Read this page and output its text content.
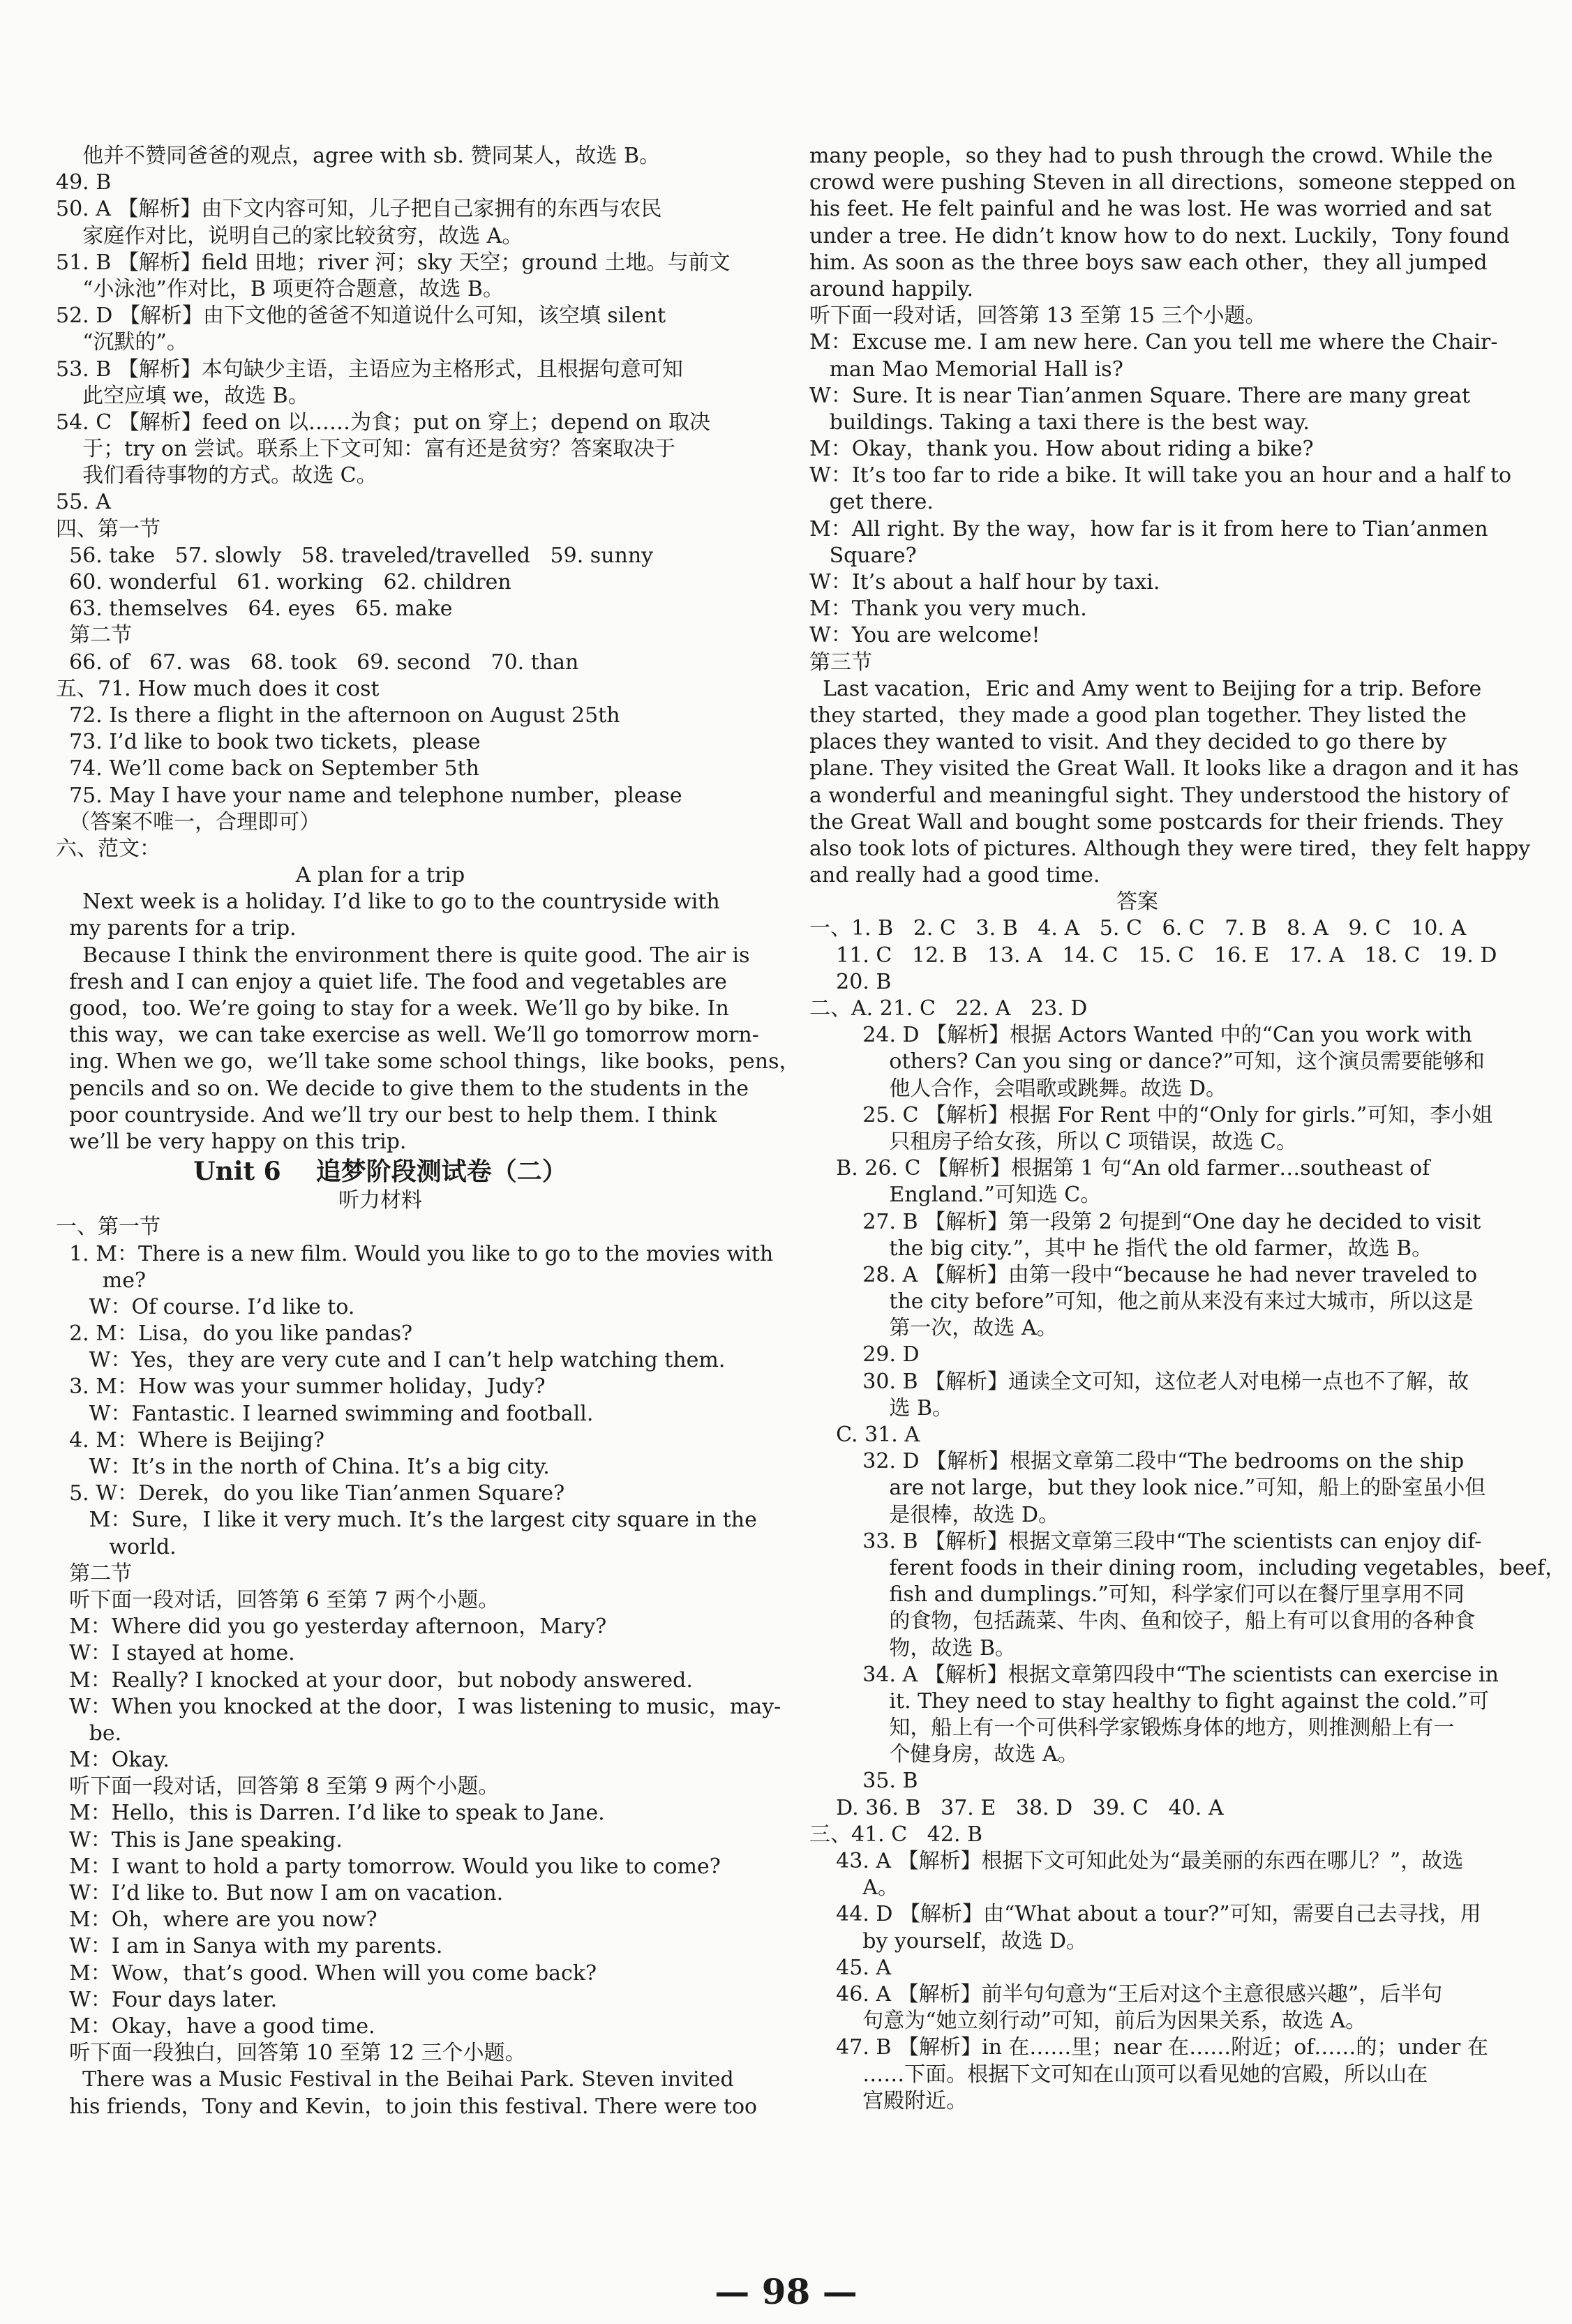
他并不赞同爸爸的观点，agree with sb. 赞同某人，故选 B。
49. B
50. A 【解析】由下文内容可知，儿子把自己家拥有的东西与农民
家庭作对比，说明自己的家比较贫穷，故选 A。
51. B 【解析】field 田地；river 河；sky 天空；ground 土地。与前文
“小泳池”作对比，B 项更符合题意，故选 B。
52. D 【解析】由下文他的爸爸不知道说什么可知，该空填 silent
“沉默的”。
53. B 【解析】本句缺少主语，主语应为主格形式，且根据句意可知
此空应填 we，故选 B。
54. C 【解析】feed on 以……为食；put on 穿上；depend on 取决
于；try on 尝试。联系上下文可知：富有还是贫穷？答案取决于
我们看待事物的方式。故选 C。
55. A
四、第一节
56. take   57. slowly   58. traveled/travelled   59. sunny
60. wonderful   61. working   62. children
63. themselves   64. eyes   65. make
第二节
66. of   67. was   68. took   69. second   70. than
五、71. How much does it cost
72. Is there a flight in the afternoon on August 25th
73. I’d like to book two tickets，please
74. We’ll come back on September 5th
75. May I have your name and telephone number，please
（答案不唯一，合理即可）
六、范文：
A plan for a trip
Next week is a holiday. I’d like to go to the countryside with
my parents for a trip.
Because I think the environment there is quite good. The air is
fresh and I can enjoy a quiet life. The food and vegetables are
good，too. We’re going to stay for a week. We’ll go by bike. In
this way，we can take exercise as well. We’ll go tomorrow morn-
ing. When we go，we’ll take some school things，like books，pens，
pencils and so on. We decide to give them to the students in the
poor countryside. And we’ll try our best to help them. I think
we’ll be very happy on this trip.
Unit 6    追梦阶段测试卷（二）
听力材料
一、第一节
1. M：There is a new film. Would you like to go to the movies with
me?
W：Of course. I’d like to.
2. M：Lisa，do you like pandas?
W：Yes，they are very cute and I can’t help watching them.
3. M：How was your summer holiday，Judy?
W：Fantastic. I learned swimming and football.
4. M：Where is Beijing?
W：It’s in the north of China. It’s a big city.
5. W：Derek，do you like Tian’anmen Square?
M：Sure，I like it very much. It’s the largest city square in the
world.
第二节
听下面一段对话，回答第 6 至第 7 两个小题。
M：Where did you go yesterday afternoon，Mary?
W：I stayed at home.
M：Really? I knocked at your door，but nobody answered.
W：When you knocked at the door，I was listening to music，may-
be.
M：Okay.
听下面一段对话，回答第 8 至第 9 两个小题。
M：Hello，this is Darren. I’d like to speak to Jane.
W：This is Jane speaking.
M：I want to hold a party tomorrow. Would you like to come?
W：I’d like to. But now I am on vacation.
M：Oh，where are you now?
W：I am in Sanya with my parents.
M：Wow，that’s good. When will you come back?
W：Four days later.
M：Okay，have a good time.
听下面一段独白，回答第 10 至第 12 三个小题。
There was a Music Festival in the Beihai Park. Steven invited
his friends，Tony and Kevin，to join this festival. There were too
many people，so they had to push through the crowd. While the
crowd were pushing Steven in all directions，someone stepped on
his feet. He felt painful and he was lost. He was worried and sat
under a tree. He didn’t know how to do next. Luckily，Tony found
him. As soon as the three boys saw each other，they all jumped
around happily.
听下面一段对话，回答第 13 至第 15 三个小题。
M：Excuse me. I am new here. Can you tell me where the Chair-
man Mao Memorial Hall is?
W：Sure. It is near Tian’anmen Square. There are many great
buildings. Taking a taxi there is the best way.
M：Okay，thank you. How about riding a bike?
W：It’s too far to ride a bike. It will take you an hour and a half to
get there.
M：All right. By the way，how far is it from here to Tian’anmen
Square?
W：It’s about a half hour by taxi.
M：Thank you very much.
W：You are welcome!
第三节
Last vacation，Eric and Amy went to Beijing for a trip. Before
they started，they made a good plan together. They listed the
places they wanted to visit. And they decided to go there by
plane. They visited the Great Wall. It looks like a dragon and it has
a wonderful and meaningful sight. They understood the history of
the Great Wall and bought some postcards for their friends. They
also took lots of pictures. Although they were tired，they felt happy
and really had a good time.
答案
一、1. B   2. C   3. B   4. A   5. C   6. C   7. B   8. A   9. C   10. A
11. C   12. B   13. A   14. C   15. C   16. E   17. A   18. C   19. D
20. B
二、A. 21. C   22. A   23. D
24. D 【解析】根据 Actors Wanted 中的“Can you work with
others? Can you sing or dance?”可知，这个演员需要能够和
他人合作，会唱歌或跳舞。故选 D。
25. C 【解析】根据 For Rent 中的“Only for girls.”可知，李小姐
只租房子给女孩，所以 C 项错误，故选 C。
B. 26. C 【解析】根据第 1 句“An old farmer…southeast of
England.”可知选 C。
27. B 【解析】第一段第 2 句提到“One day he decided to visit
the big city.”，其中 he 指代 the old farmer，故选 B。
28. A 【解析】由第一段中“because he had never traveled to
the city before”可知，他之前从来没有来过大城市，所以这是
第一次，故选 A。
29. D
30. B 【解析】通读全文可知，这位老人对电梯一点也不了解，故
选 B。
C. 31. A
32. D 【解析】根据文章第二段中“The bedrooms on the ship
are not large，but they look nice.”可知，船上的卧室虽小但
是很棒，故选 D。
33. B 【解析】根据文章第三段中“The scientists can enjoy dif-
ferent foods in their dining room，including vegetables，beef，
fish and dumplings.”可知，科学家们可以在餐厅里享用不同
的食物，包括蔬菜、牛肉、鱼和饺子，船上有可以食用的各种食
物，故选 B。
34. A 【解析】根据文章第四段中“The scientists can exercise in
it. They need to stay healthy to fight against the cold.”可
知，船上有一个可供科学家锻炼身体的地方，则推测船上有一
个健身房，故选 A。
35. B
D. 36. B   37. E   38. D   39. C   40. A
三、41. C   42. B
43. A 【解析】根据下文可知此处为“最美丽的东西在哪儿？”，故选
A。
44. D 【解析】由“What about a tour?”可知，需要自己去寻找，用
by yourself，故选 D。
45. A
46. A 【解析】前半句句意为“王后对这个主意很感兴趣”，后半句
句意为“她立刻行动”可知，前后为因果关系，故选 A。
47. B 【解析】in 在……里；near 在……附近；of……的；under 在
……下面。根据下文可知在山顶可以看见她的宫殿，所以山在
宫殿附近。
— 98 —
